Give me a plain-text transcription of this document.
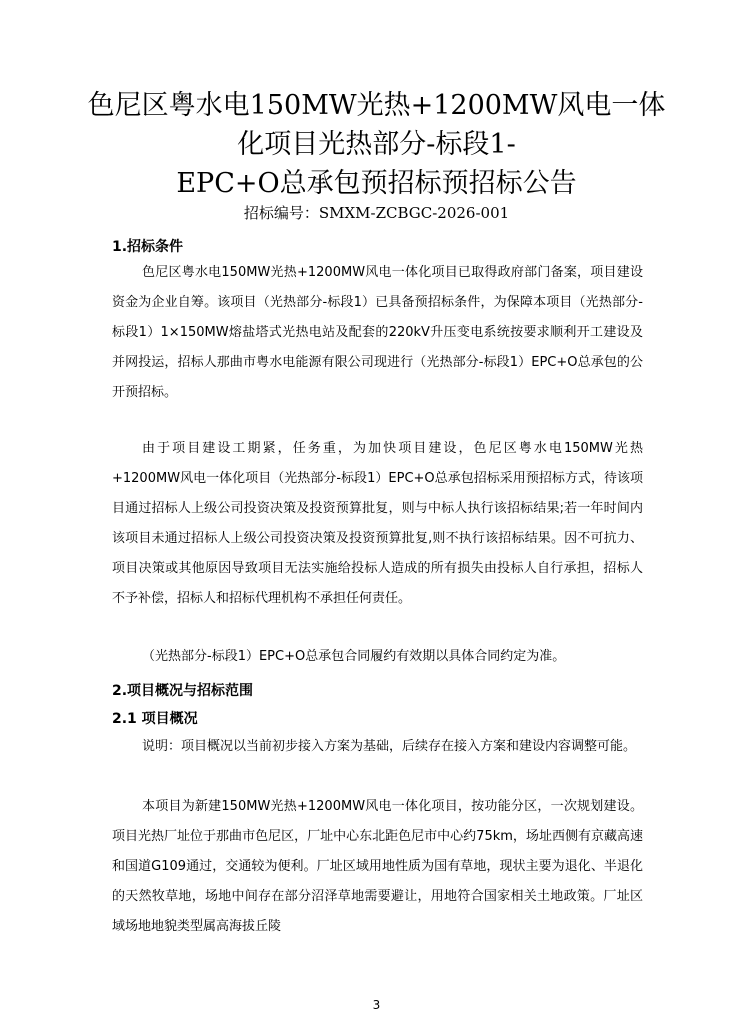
色尼区粤水电150MW光热+1200MW风电一体
化项目光热部分-标段1-
EPC+O总承包预招标预招标公告
招标编号：SMXM-ZCBGC-2026-001
1.招标条件

色尼区粤水电150MW光热+1200MW风电一体化项目已取得政府部门备案，项目建设资金为企业自筹。该项目（光热部分-标段1）已具备预招标条件，为保障本项目（光热部分-标段1）1×150MW熔盐塔式光热电站及配套的220kV升压变电系统按要求顺利开工建设及并网投运，招标人那曲市粤水电能源有限公司现进行（光热部分-标段1）EPC+O总承包的公开预招标。

由于项目建设工期紧，任务重，为加快项目建设，色尼区粤水电150MW光热+1200MW风电一体化项目（光热部分-标段1）EPC+O总承包招标采用预招标方式，待该项目通过招标人上级公司投资决策及投资预算批复，则与中标人执行该招标结果;若一年时间内该项目未通过招标人上级公司投资决策及投资预算批复,则不执行该招标结果。因不可抗力、项目决策或其他原因导致项目无法实施给投标人造成的所有损失由投标人自行承担，招标人不予补偿，招标人和招标代理机构不承担任何责任。

（光热部分-标段1）EPC+O总承包合同履约有效期以具体合同约定为准。

2.项目概况与招标范围
2.1 项目概况

说明：项目概况以当前初步接入方案为基础，后续存在接入方案和建设内容调整可能。

本项目为新建150MW光热+1200MW风电一体化项目，按功能分区，一次规划建设。项目光热厂址位于那曲市色尼区，厂址中心东北距色尼市中心约75km，场址西侧有京藏高速和国道G109通过，交通较为便利。厂址区域用地性质为国有草地，现状主要为退化、半退化的天然牧草地，场地中间存在部分沼泽草地需要避让，用地符合国家相关土地政策。厂址区域场地地貌类型属高海拔丘陵

3
